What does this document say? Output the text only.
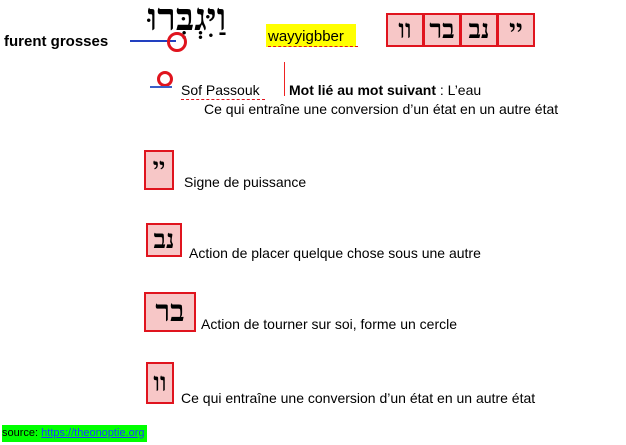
furent grosses
וַיִּגְבְּרוּ	wayyigbber וו בר נב יי
Sof Passouk Mot lié au mot suivant : L’eau
Ce qui entraîne une conversion d’un état en un autre état
יי
Signe de puissance
נב Action de placer quelque chose sous une autre
בר Action de tourner sur soi, forme un cercle
וו Ce qui entraîne une conversion d’un état en un autre état
source: https://theonoptie.org
